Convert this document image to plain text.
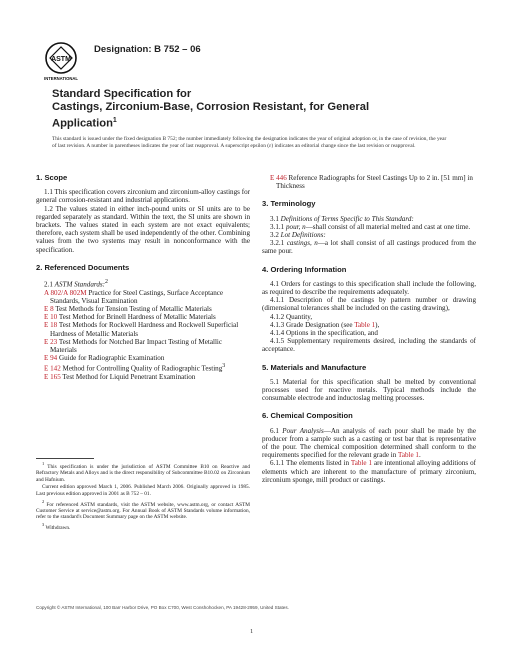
ASTM
INTERNATIONAL
Designation: B 752 – 06
Standard Specification for
Castings, Zirconium-Base, Corrosion Resistant, for General
Application$^1$
This standard is issued under the fixed designation B 752; the number immediately following the designation indicates the year of original adoption or, in the case of revision, the year of last revision. A number in parentheses indicates the year of last reapproval. A superscript epsilon (ε) indicates an editorial change since the last revision or reapproval.
1. Scope

1.1 This specification covers zirconium and zirconium-alloy castings for general corrosion-resistant and industrial applications.

1.2 The values stated in either inch-pound units or SI units are to be regarded separately as standard. Within the text, the SI units are shown in brackets. The values stated in each system are not exact equivalents; therefore, each system shall be used independently of the other. Combining values from the two systems may result in nonconformance with the specification.

2. Referenced Documents

2.1 ASTM Standards:$^2$

A 802/A 802M Practice for Steel Castings, Surface Acceptance Standards, Visual Examination
E 8 Test Methods for Tension Testing of Metallic Materials
E 10 Test Method for Brinell Hardness of Metallic Materials
E 18 Test Methods for Rockwell Hardness and Rockwell Superficial Hardness of Metallic Materials
E 23 Test Methods for Notched Bar Impact Testing of Metallic Materials
E 94 Guide for Radiographic Examination
E 142 Method for Controlling Quality of Radiographic Testing$^3$
E 165 Test Method for Liquid Penetrant Examination

$^1$ This specification is under the jurisdiction of ASTM Committee B10 on Reactive and Refractory Metals and Alloys and is the direct responsibility of Subcommittee B10.02 on Zirconium and Hafnium.

Current edition approved March 1, 2006. Published March 2006. Originally approved in 1985. Last previous edition approved in 2001 as B 752 – 01.

$^2$ For referenced ASTM standards, visit the ASTM website, www.astm.org, or contact ASTM Customer Service at service@astm.org. For Annual Book of ASTM Standards volume information, refer to the standard's Document Summary page on the ASTM website.

$^3$ Withdrawn.

E 446 Reference Radiographs for Steel Castings Up to 2 in. [51 mm] in Thickness
3. Terminology

3.1 Definitions of Terms Specific to This Standard:

3.1.1 pour, n—shall consist of all material melted and cast at one time.

3.2 Lot Definitions:

3.2.1 castings, n—a lot shall consist of all castings produced from the same pour.

4. Ordering Information

4.1 Orders for castings to this specification shall include the following, as required to describe the requirements adequately.

4.1.1 Description of the castings by pattern number or drawing (dimensional tolerances shall be included on the casting drawing),

4.1.2 Quantity,

4.1.3 Grade Designation (see Table 1),

4.1.4 Options in the specification, and

4.1.5 Supplementary requirements desired, including the standards of acceptance.

5. Materials and Manufacture

5.1 Material for this specification shall be melted by conventional processes used for reactive metals. Typical methods include the consumable electrode and inductoslag melting processes.

6. Chemical Composition

6.1 Pour Analysis—An analysis of each pour shall be made by the producer from a sample such as a casting or test bar that is representative of the pour. The chemical composition determined shall conform to the requirements specified for the relevant grade in Table 1.

6.1.1 The elements listed in Table 1 are intentional alloying additions of elements which are inherent to the manufacture of primary zirconium, zirconium sponge, mill product or castings.

Copyright © ASTM International, 100 Barr Harbor Drive, PO Box C700, West Conshohocken, PA 19428-2959, United States.
1
